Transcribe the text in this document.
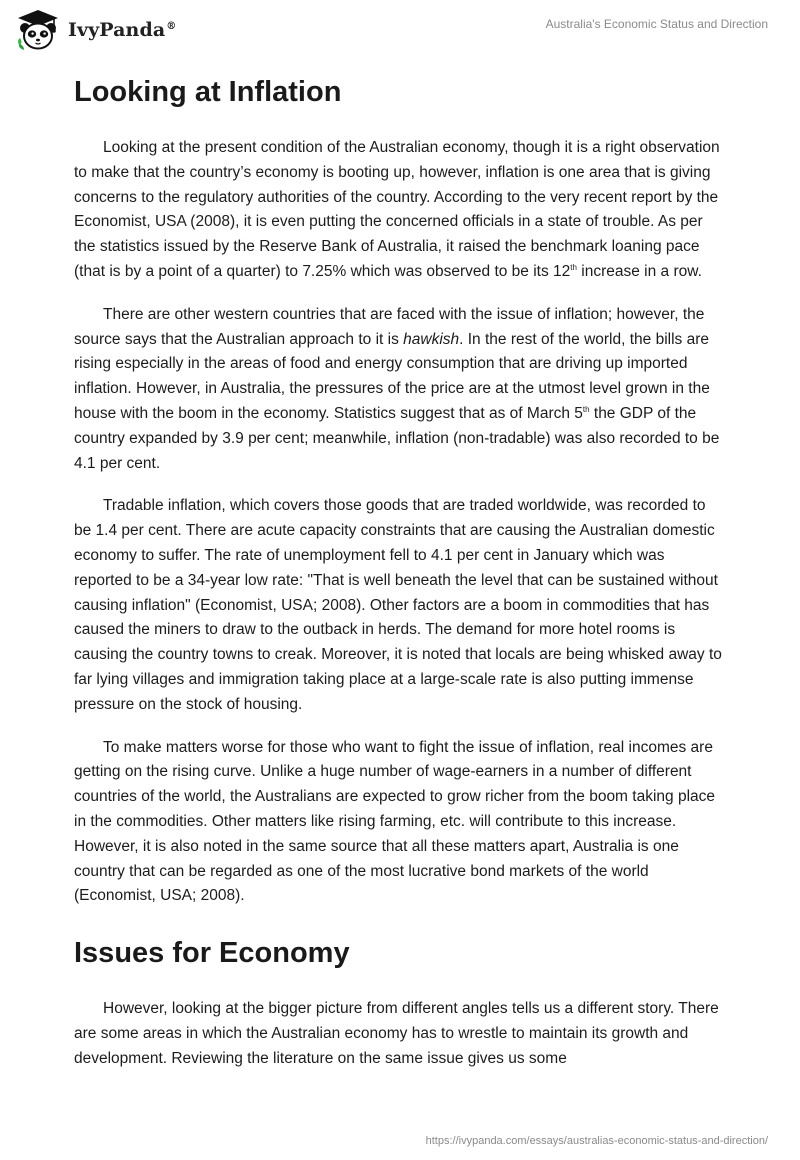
IvyPanda®	Australia's Economic Status and Direction
Looking at Inflation

Looking at the present condition of the Australian economy, though it is a right observation to make that the country’s economy is booting up, however, inflation is one area that is giving concerns to the regulatory authorities of the country. According to the very recent report by the Economist, USA (2008), it is even putting the concerned officials in a state of trouble. As per the statistics issued by the Reserve Bank of Australia, it raised the benchmark loaning pace (that is by a point of a quarter) to 7.25% which was observed to be its 12th increase in a row.

There are other western countries that are faced with the issue of inflation; however, the source says that the Australian approach to it is hawkish. In the rest of the world, the bills are rising especially in the areas of food and energy consumption that are driving up imported inflation. However, in Australia, the pressures of the price are at the utmost level grown in the house with the boom in the economy. Statistics suggest that as of March 5th the GDP of the country expanded by 3.9 per cent; meanwhile, inflation (non-tradable) was also recorded to be 4.1 per cent.

Tradable inflation, which covers those goods that are traded worldwide, was recorded to be 1.4 per cent. There are acute capacity constraints that are causing the Australian domestic economy to suffer. The rate of unemployment fell to 4.1 per cent in January which was reported to be a 34-year low rate: "That is well beneath the level that can be sustained without causing inflation" (Economist, USA; 2008). Other factors are a boom in commodities that has caused the miners to draw to the outback in herds. The demand for more hotel rooms is causing the country towns to creak. Moreover, it is noted that locals are being whisked away to far lying villages and immigration taking place at a large-scale rate is also putting immense pressure on the stock of housing.

To make matters worse for those who want to fight the issue of inflation, real incomes are getting on the rising curve. Unlike a huge number of wage-earners in a number of different countries of the world, the Australians are expected to grow richer from the boom taking place in the commodities. Other matters like rising farming, etc. will contribute to this increase. However, it is also noted in the same source that all these matters apart, Australia is one country that can be regarded as one of the most lucrative bond markets of the world (Economist, USA; 2008).

Issues for Economy

However, looking at the bigger picture from different angles tells us a different story. There are some areas in which the Australian economy has to wrestle to maintain its growth and development. Reviewing the literature on the same issue gives us some

https://ivypanda.com/essays/australias-economic-status-and-direction/
